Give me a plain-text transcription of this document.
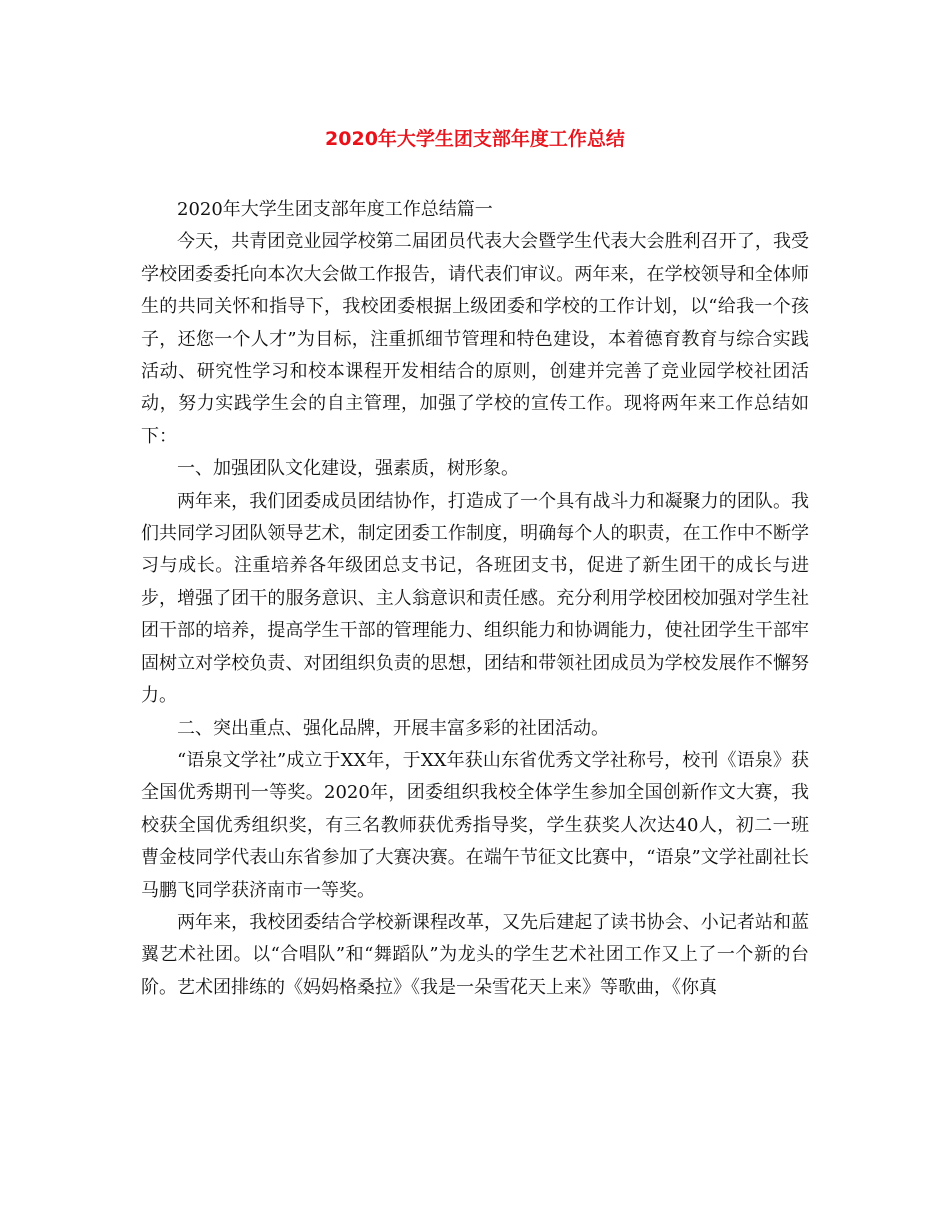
2020年大学生团支部年度工作总结

2020年大学生团支部年度工作总结篇一

今天，共青团竞业园学校第二届团员代表大会暨学生代表大会胜利召开了，我受学校团委委托向本次大会做工作报告，请代表们审议。两年来，在学校领导和全体师生的共同关怀和指导下，我校团委根据上级团委和学校的工作计划，以“给我一个孩子，还您一个人才”为目标，注重抓细节管理和特色建设，本着德育教育与综合实践活动、研究性学习和校本课程开发相结合的原则，创建并完善了竞业园学校社团活动，努力实践学生会的自主管理，加强了学校的宣传工作。现将两年来工作总结如下：

一、加强团队文化建设，强素质，树形象。

两年来，我们团委成员团结协作，打造成了一个具有战斗力和凝聚力的团队。我们共同学习团队领导艺术，制定团委工作制度，明确每个人的职责，在工作中不断学习与成长。注重培养各年级团总支书记，各班团支书，促进了新生团干的成长与进步，增强了团干的服务意识、主人翁意识和责任感。充分利用学校团校加强对学生社团干部的培养，提高学生干部的管理能力、组织能力和协调能力，使社团学生干部牢固树立对学校负责、对团组织负责的思想，团结和带领社团成员为学校发展作不懈努力。

二、突出重点、强化品牌，开展丰富多彩的社团活动。

“语泉文学社”成立于XX年，于XX年获山东省优秀文学社称号，校刊《语泉》获全国优秀期刊一等奖。2020年，团委组织我校全体学生参加全国创新作文大赛，我校获全国优秀组织奖，有三名教师获优秀指导奖，学生获奖人次达40人，初二一班曹金枝同学代表山东省参加了大赛决赛。在端午节征文比赛中，“语泉”文学社副社长马鹏飞同学获济南市一等奖。

两年来，我校团委结合学校新课程改革，又先后建起了读书协会、小记者站和蓝翼艺术社团。以“合唱队”和“舞蹈队”为龙头的学生艺术社团工作又上了一个新的台阶。艺术团排练的《妈妈格桑拉》《我是一朵雪花天上来》等歌曲，《你真
